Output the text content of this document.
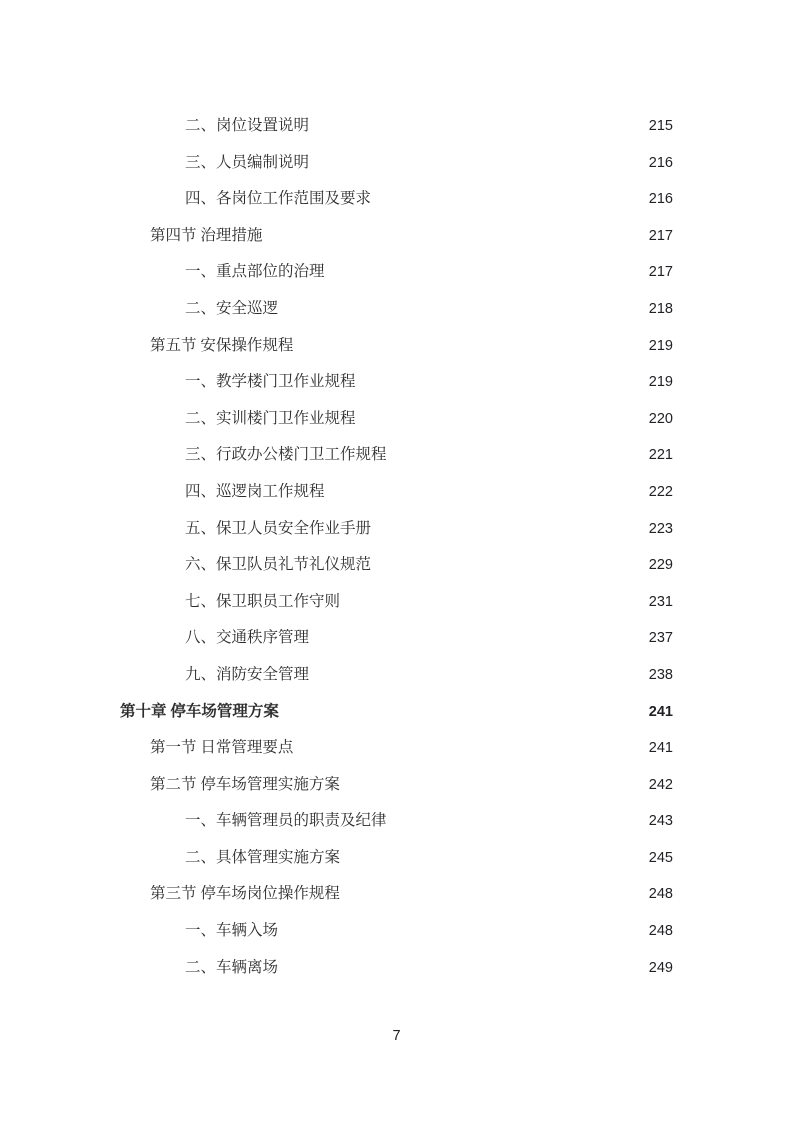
二、岗位设置说明 .....	215
三、人员编制说明 .....	216
四、各岗位工作范围及要求 .....	216
第四节 治理措施 .....	217
一、重点部位的治理 .....	217
二、安全巡逻 .....	218
第五节 安保操作规程 .....	219
一、教学楼门卫作业规程 .....	219
二、实训楼门卫作业规程 .....	220
三、行政办公楼门卫工作规程 .....	221
四、巡逻岗工作规程 .....	222
五、保卫人员安全作业手册 .....	223
六、保卫队员礼节礼仪规范 .....	229
七、保卫职员工作守则 .....	231
八、交通秩序管理 .....	237
九、消防安全管理 .....	238
第十章 停车场管理方案 .....	241
第一节 日常管理要点 .....	241
第二节 停车场管理实施方案 .....	242
一、车辆管理员的职责及纪律 .....	243
二、具体管理实施方案 .....	245
第三节 停车场岗位操作规程 .....	248
一、车辆入场 .....	248
二、车辆离场 .....	249
7
